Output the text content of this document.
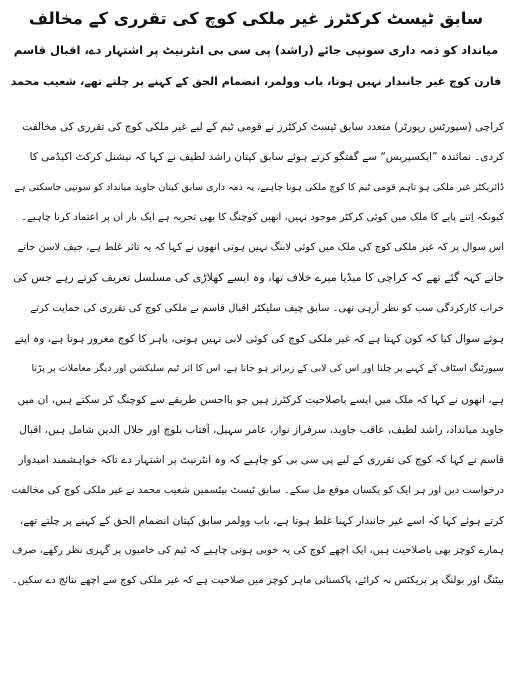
سابق ٹیسٹ کرکٹرز غیر ملکی کوچ کی تقرری کے مخالف
میانداد کو ذمہ داری سونپی جائے (راشد) پی سی بی انٹرنیٹ پر اشتہار دے، اقبال قاسم
فارن کوچ غیر جانبدار نہیں ہوتا، باب وولمر، انضمام الحق کے کہنے پر چلتے تھے، شعیب محمد
کراچی (سپورٹس رپورٹر) متعدد سابق ٹیسٹ کرکٹرز نے قومی ٹیم کے لیے غیر ملکی کوچ کی تقرری کی مخالفت
کردی۔ نمائندہ ”ایکسپریس“ سے گفتگو کرتے ہوئے سابق کپتان راشد لطیف نے کہا کہ نیشنل کرکٹ اکیڈمی کا
ڈائریکٹر غیر ملکی ہو تاہم قومی ٹیم کا کوچ ملکی ہونا چاہیے، یہ ذمہ داری سابق کپتان جاوید میانداد کو سونپی جاسکتی ہے
کیونکہ اِتنے پایے کا ملک میں کوئی کرکٹر موجود نہیں، انھیں کوچنگ کا بھی تجربہ ہے ایک بار ان پر اعتماد کرنا چاہیے۔
اس سوال پر کہ غیر ملکی کوچ کی ملک میں کوئی لابنگ نہیں ہوتی انھوں نے کہا کہ یہ تاثر غلط ہے، جیف لاسن جاتے
جاتے کہہ گئے تھے کہ کراچی کا میڈیا میرے خلاف تھا، وہ ایسے کھلاڑی کی مسلسل تعریف کرتے رہے جس کی
خراب کارکردگی سب کو نظر آرہی تھی۔ سابق چیف سلیکٹر اقبال قاسم نے ملکی کوچ کی تقرری کی حمایت کرتے
ہوئے سوال کیا کہ کون کہتا ہے کہ غیر ملکی کوچ کی کوئی لابی نہیں ہوتی، باہر کا کوچ مغرور ہوتا ہے، وہ اپنے
سپورٹنگ اسٹاف کے کہنے پر چلتا اور اس کی لابی کے زیراثر ہو جاتا ہے، اس کا اثر ٹیم سلیکشن اور دیگر معاملات پر پڑتا
ہے، انھوں نے کہا کہ ملک میں ایسے باصلاحیت کرکٹرز ہیں جو بااحسن طریقے سے کوچنگ کر سکتے ہیں، ان میں
جاوید میانداد، راشد لطیف، عاقب جاوید، سرفراز نواز، عامر سہیل، آفتاب بلوچ اور جلال الدین شامل ہیں، اقبال
قاسم نے کہا کہ کوچ کی تقرری کے لیے پی سی بی کو چاہیے کہ وہ انٹرنیٹ پر اشتہار دے تاکہ خواہشمند امیدوار
درخواست دیں اور ہر ایک کو یکساں موقع مل سکے۔ سابق ٹیسٹ بیٹسمین شعیب محمد نے غیر ملکی کوچ کی مخالفت
کرتے ہوئے کہا کہ اسے غیر جانبدار کہنا غلط ہوتا ہے، باب وولمر سابق کپتان انضمام الحق کے کہنے پر چلتے تھے،
ہمارے کوچز بھی باصلاحیت ہیں، ایک اچھے کوچ کی یہ خوبی ہونی چاہیے کہ ٹیم کی خامیوں پر گہری نظر رکھے، صرف
بیٹنگ اور بولنگ پر پریکٹس نہ کرائے، پاکستانی ماہر کوچز میں صلاحیت ہے کہ غیر ملکی کوچ سے اچھے نتائج دے سکیں۔
